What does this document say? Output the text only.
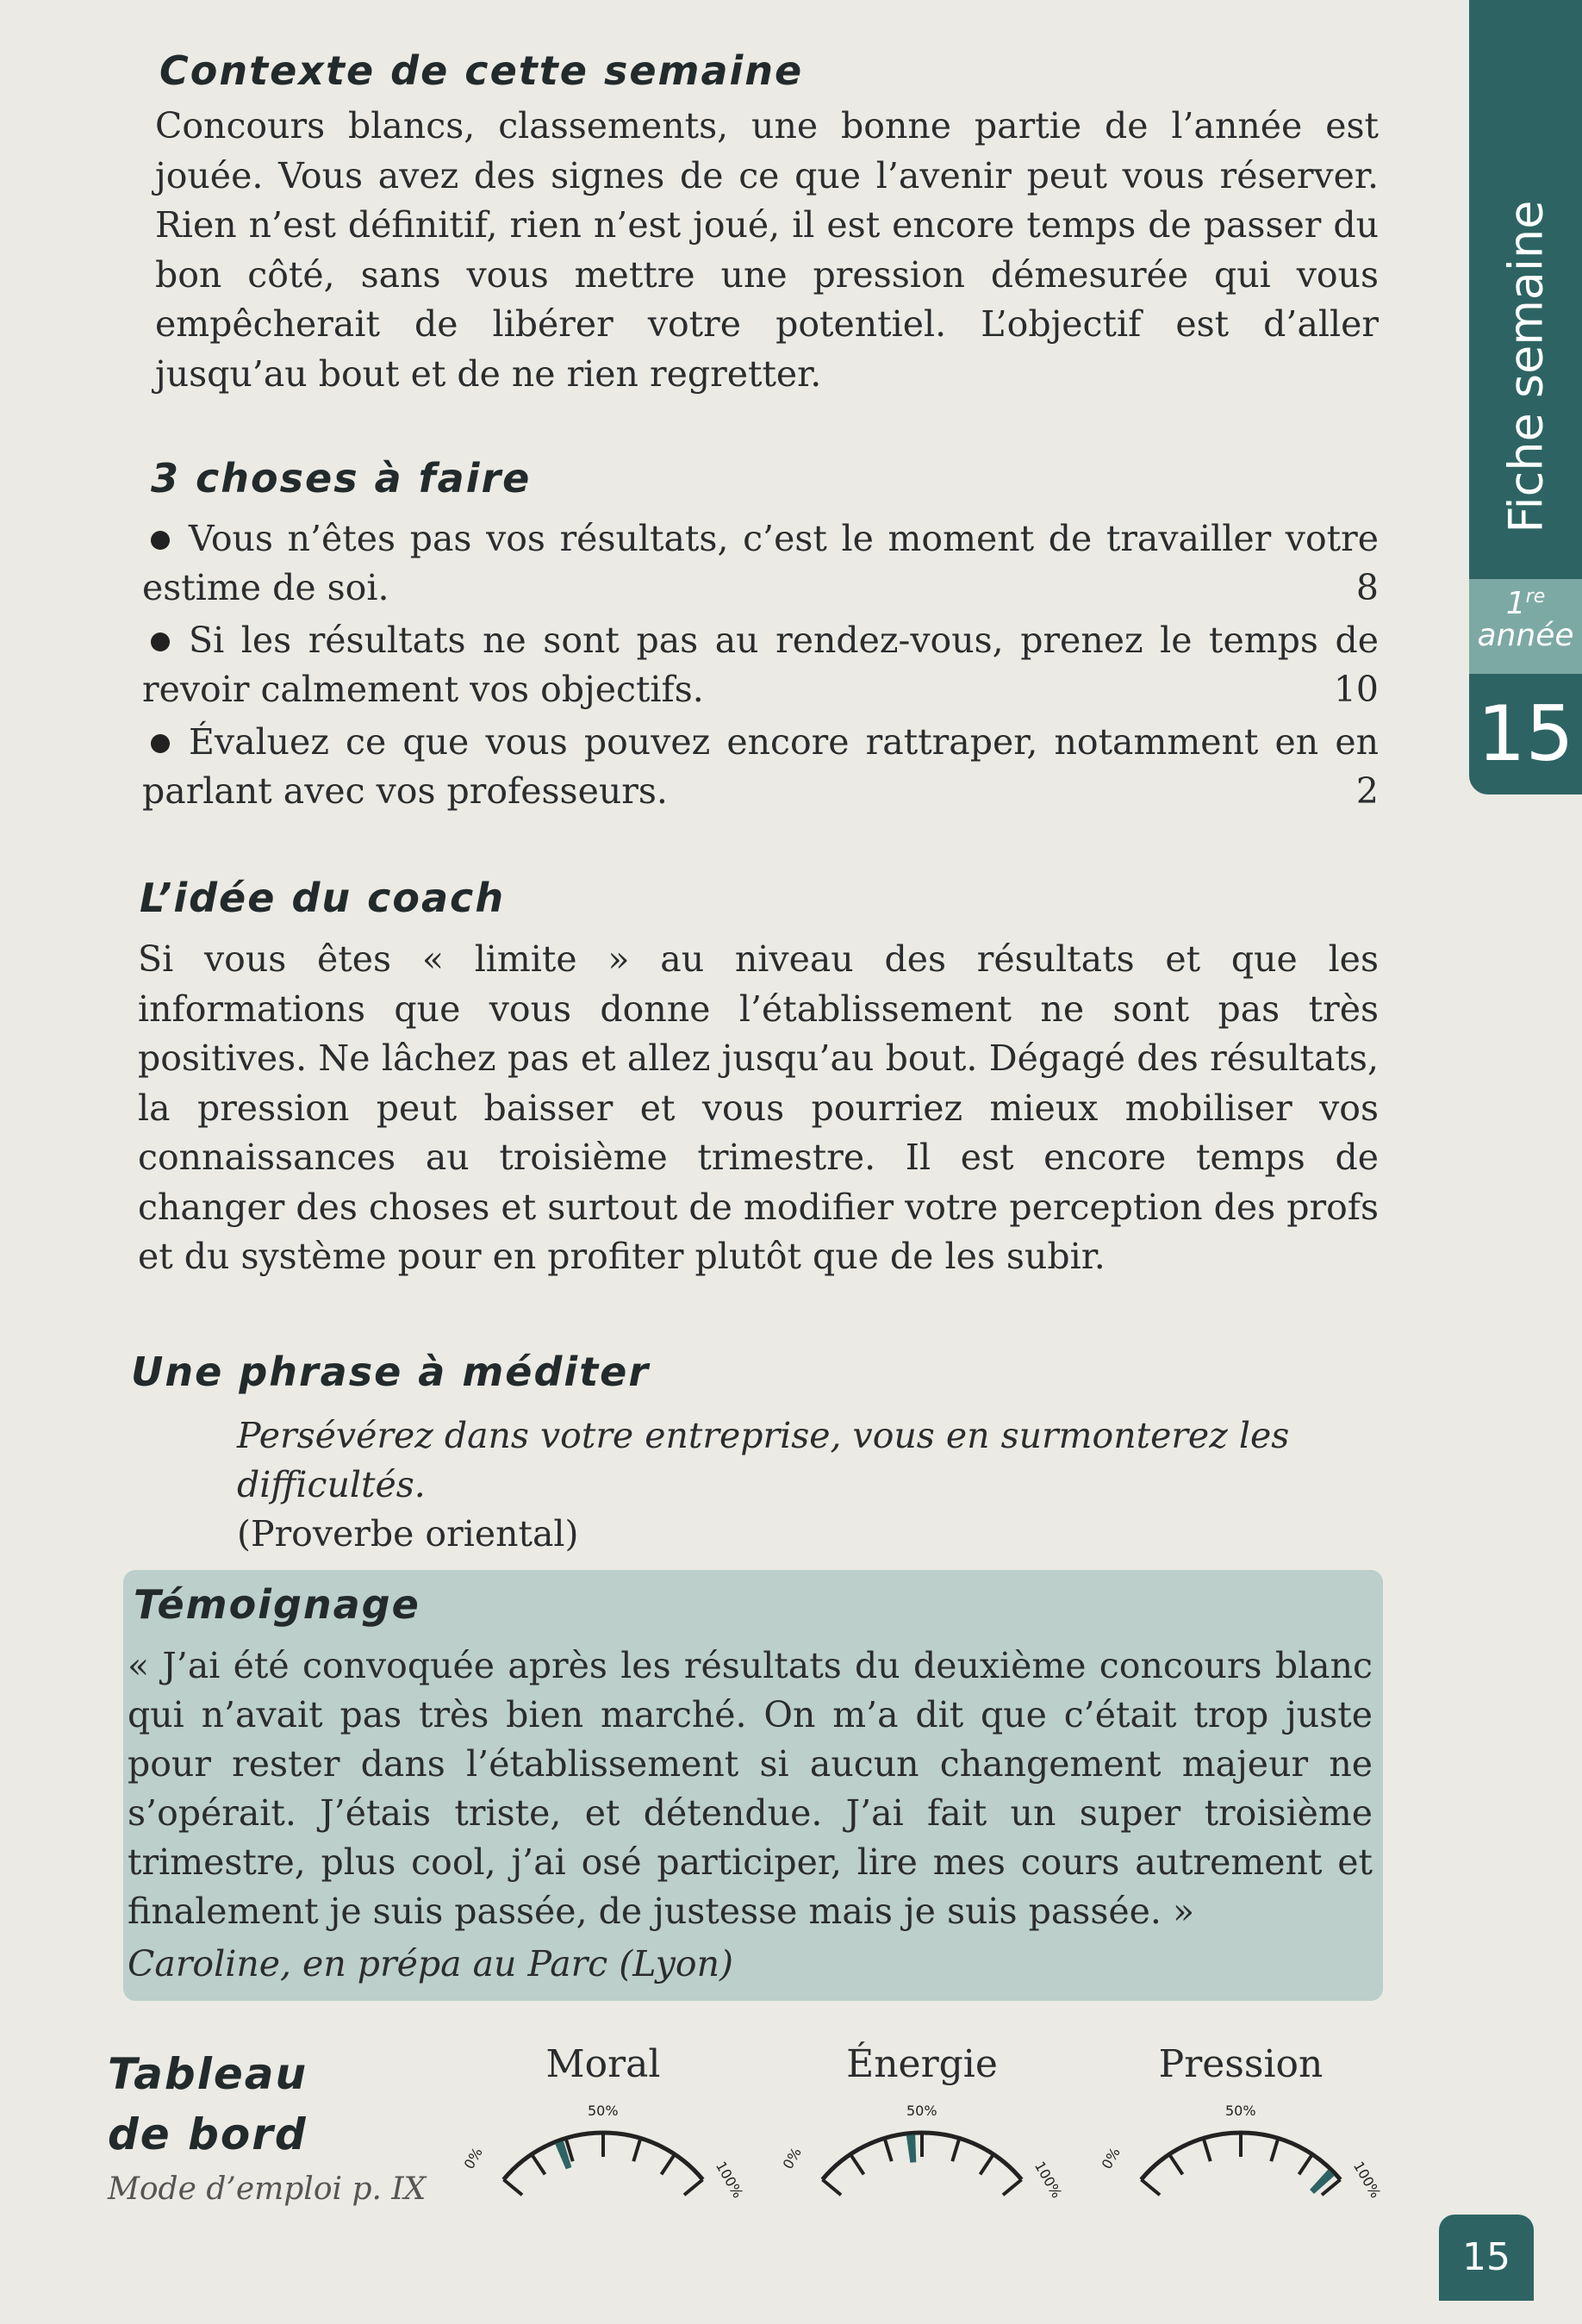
Fiche semaine
1re
année
15
Contexte de cette semaine

Concours blancs, classements, une bonne partie de l’année est jouée. Vous avez des signes de ce que l’avenir peut vous réserver. Rien n’est définitif, rien n’est joué, il est encore temps de passer du bon côté, sans vous mettre une pression démesurée qui vous empêcherait de libérer votre potentiel. L’objectif est d’aller jusqu’au bout et de ne rien regretter.

3 choses à faire
Vous n’êtes pas vos résultats, c’est le moment de travailler votre
estime de soi.	8
Si les résultats ne sont pas au rendez-vous, prenez le temps de
revoir calmement vos objectifs.	10
Évaluez ce que vous pouvez encore rattraper, notamment en en
parlant avec vos professeurs.	2
L’idée du coach

Si vous êtes « limite » au niveau des résultats et que les informations que vous donne l’établissement ne sont pas très positives. Ne lâchez pas et allez jusqu’au bout. Dégagé des résultats, la pression peut baisser et vous pourriez mieux mobiliser vos connaissances au troisième trimestre. Il est encore temps de changer des choses et surtout de modifier votre perception des profs et du système pour en profiter plutôt que de les subir.

Une phrase à méditer
Persévérez dans votre entreprise, vous en surmonterez les difficultés.
(Proverbe oriental)
Témoignage

« J’ai été convoquée après les résultats du deuxième concours blanc qui n’avait pas très bien marché. On m’a dit que c’était trop juste pour rester dans l’établissement si aucun changement majeur ne s’opérait. J’étais triste, et détendue. J’ai fait un super troisième trimestre, plus cool, j’ai osé participer, lire mes cours autrement et finalement je suis passée, de justesse mais je suis passée. »

Caroline, en prépa au Parc (Lyon)

Tableau
de bord

Mode d’emploi p. IX

Moral	Énergie	Pression

0%
50%
100%
0%
50%
100%
0%
50%
100%
15
